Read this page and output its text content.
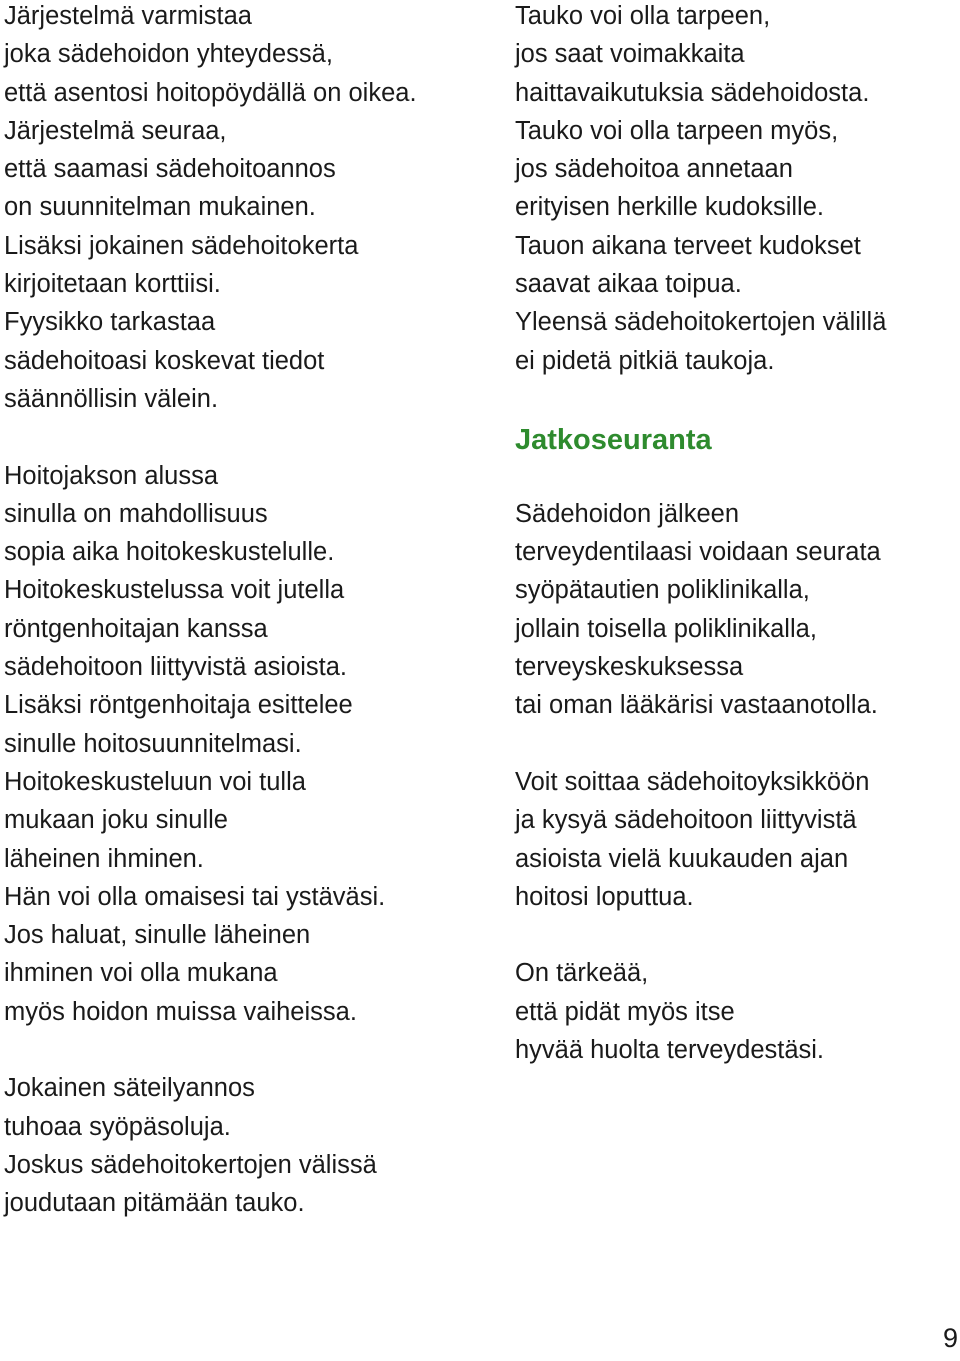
Järjestelmä varmistaa
joka sädehoidon yhteydessä,
että asentosi hoitopöydällä on oikea.
Järjestelmä seuraa,
että saamasi sädehoitoannos
on suunnitelman mukainen.
Lisäksi jokainen sädehoitokerta
kirjoitetaan korttiisi.
Fyysikko tarkastaa
sädehoitoasi koskevat tiedot
säännöllisin välein.

Hoitojakson alussa
sinulla on mahdollisuus
sopia aika hoitokeskustelulle.
Hoitokeskustelussa voit jutella
röntgenhoitajan kanssa
sädehoitoon liittyvistä asioista.
Lisäksi röntgenhoitaja esittelee
sinulle hoitosuunnitelmasi.
Hoitokeskusteluun voi tulla
mukaan joku sinulle
läheinen ihminen.
Hän voi olla omaisesi tai ystäväsi.
Jos haluat, sinulle läheinen
ihminen voi olla mukana
myös hoidon muissa vaiheissa.

Jokainen säteilyannos
tuhoaa syöpäsoluja.
Joskus sädehoitokertojen välissä
joudutaan pitämään tauko.

Tauko voi olla tarpeen,
jos saat voimakkaita
haittavaikutuksia sädehoidosta.
Tauko voi olla tarpeen myös,
jos sädehoitoa annetaan
erityisen herkille kudoksille.
Tauon aikana terveet kudokset
saavat aikaa toipua.
Yleensä sädehoitokertojen välillä
ei pidetä pitkiä taukoja.

Jatkoseuranta

Sädehoidon jälkeen
terveydentilaasi voidaan seurata
syöpätautien poliklinikalla,
jollain toisella poliklinikalla,
terveyskeskuksessa
tai oman lääkärisi vastaanotolla.

Voit soittaa sädehoitoyksikköön
ja kysyä sädehoitoon liittyvistä
asioista vielä kuukauden ajan
hoitosi loputtua.

On tärkeää,
että pidät myös itse
hyvää huolta terveydestäsi.

9
